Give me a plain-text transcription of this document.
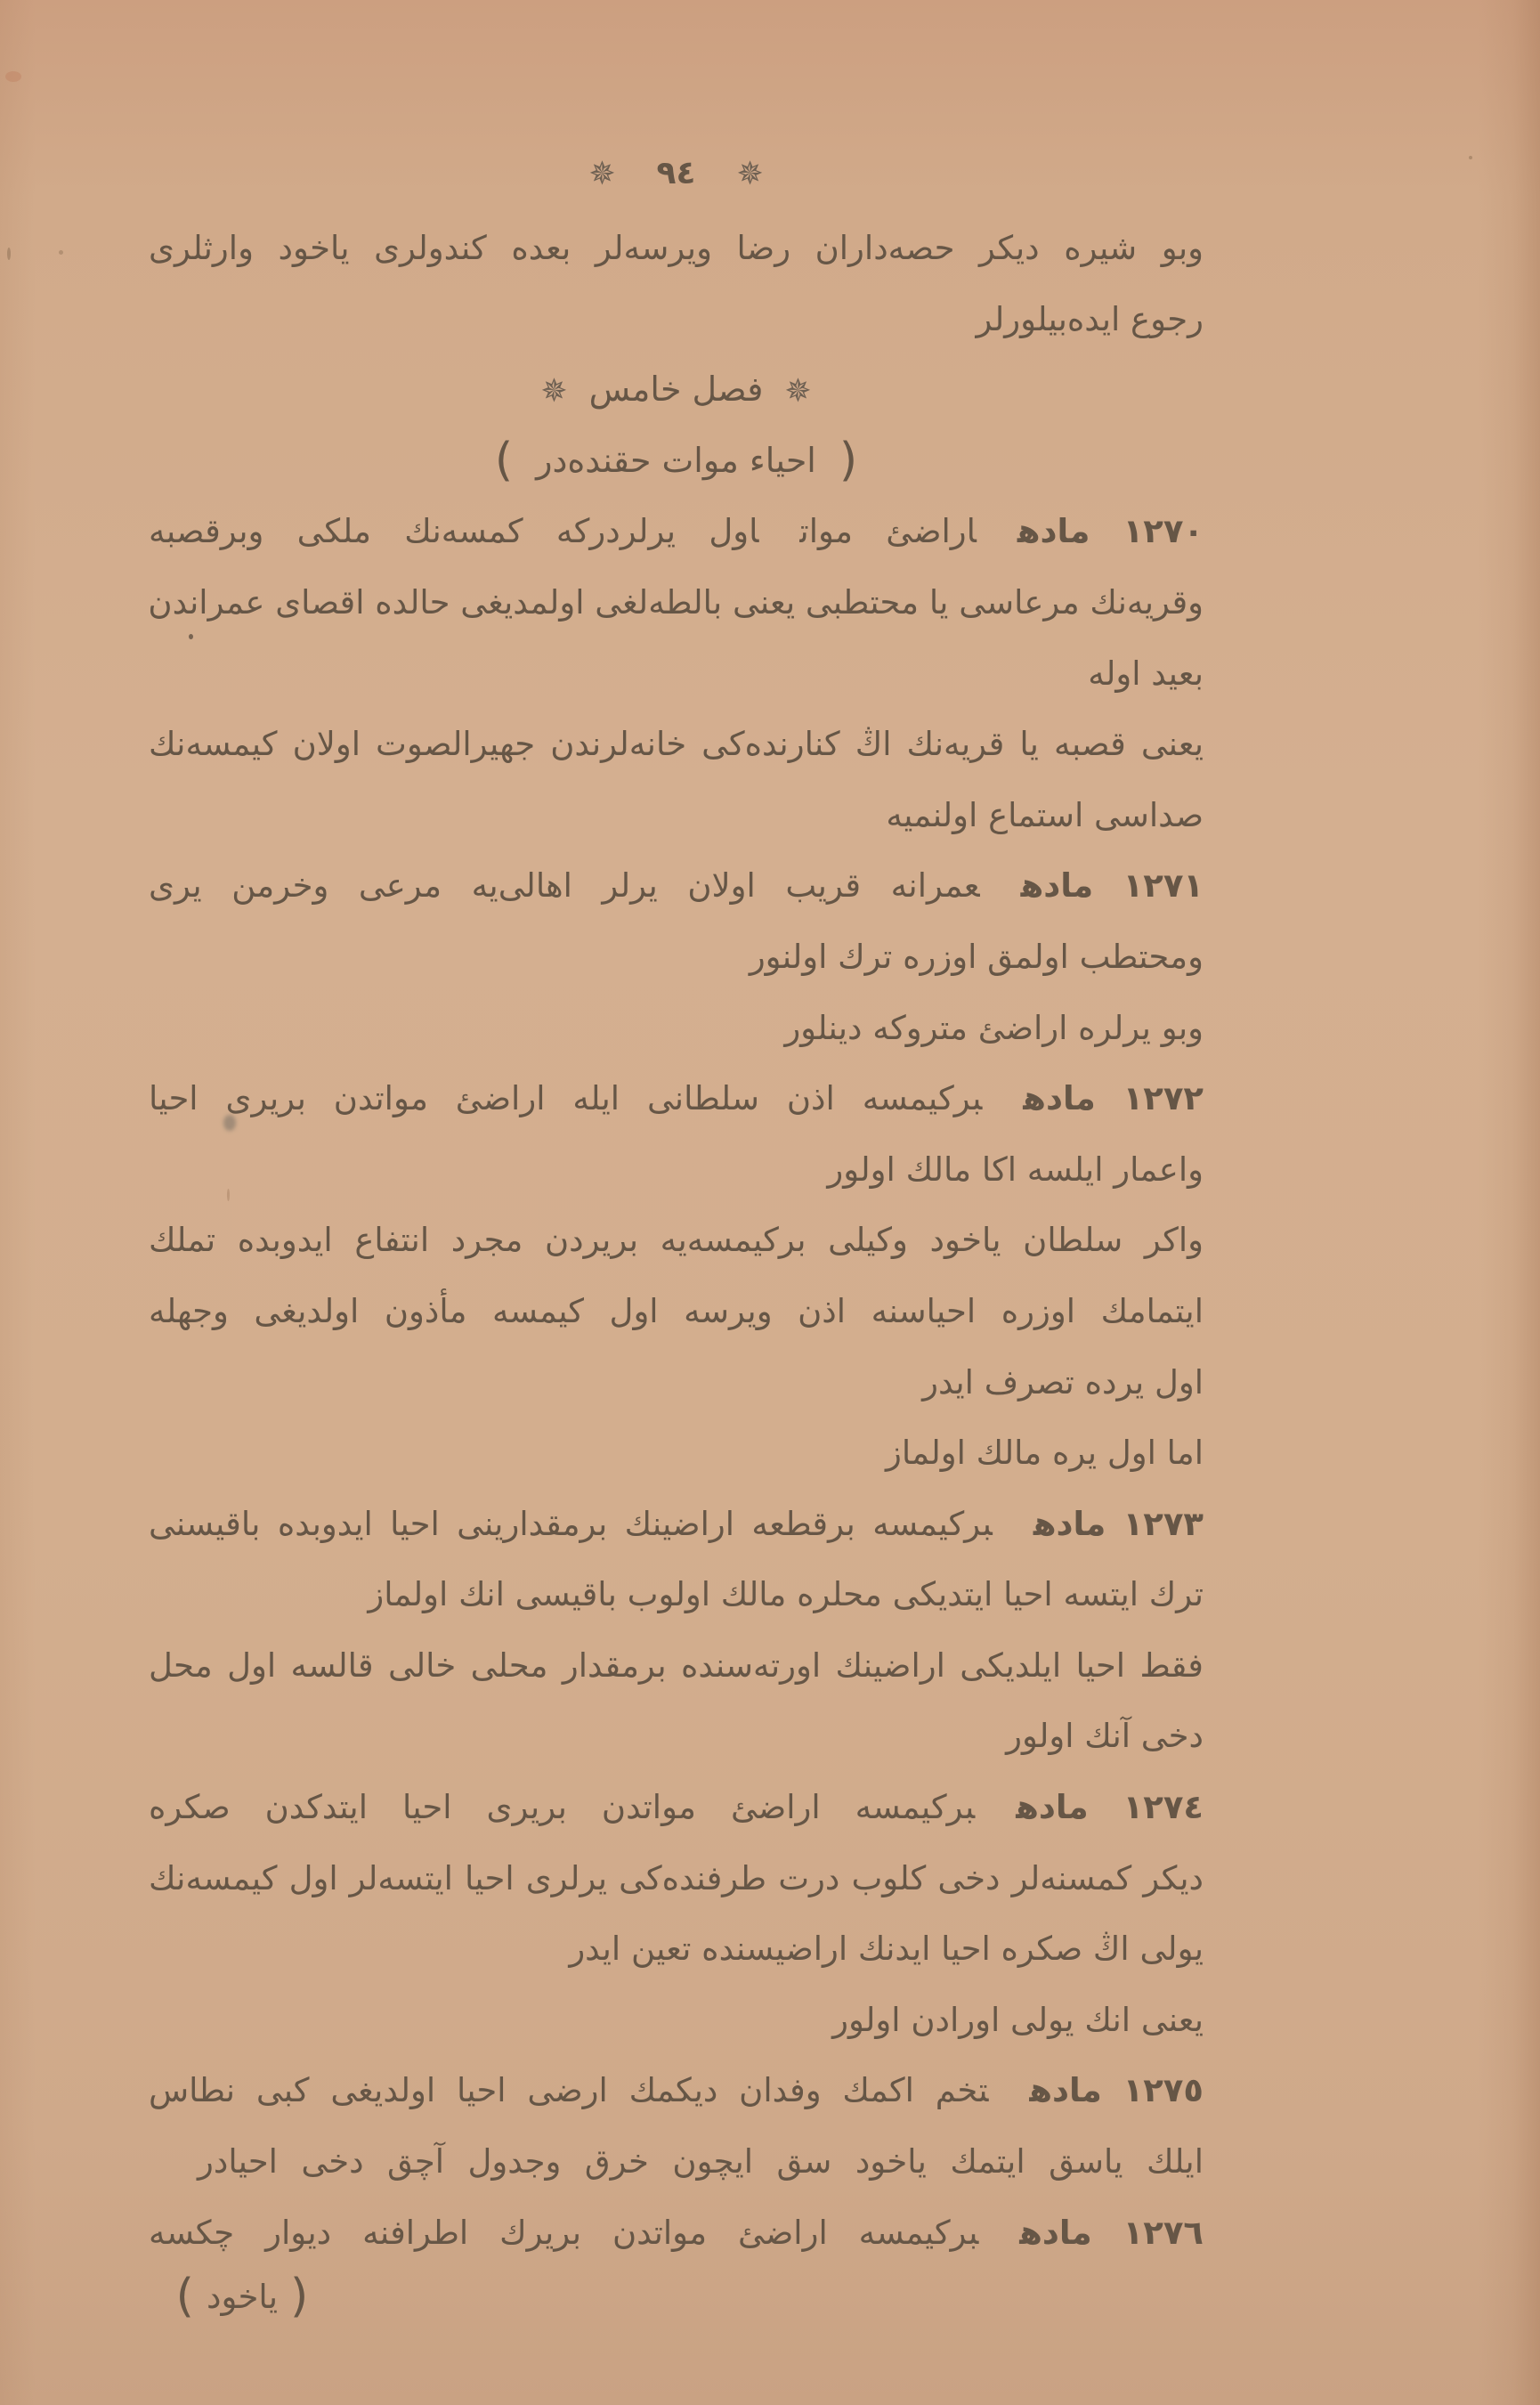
✵٩٤✵
وبو شيره ديكر حصه‌داران رضا ويرسه‌لر بعده كندولرى ياخود وارثلرى
رجوع ايده‌بيلورلر
✵فصل خامس✵
(احياء موات حقنده‌در)
١٢٧٠ مادهاراضئ مواتاول يرلردركه كمسه‌نك ملكى وبرقصبه
وقريه‌نك مرعاسى يا محتطبى يعنى بالطه‌لغى اولمديغى حالده اقصاى عمراندن
بعيد اوله
يعنى قصبه يا قريه‌نك اڭ كنارنده‌كى خانه‌لرندن جهيرالصوت اولان كيمسه‌نك
صداسى استماع اولنميه
١٢٧١ مادهعمرانه قريب اولان يرلر اهالى‌يه مرعى وخرمن يرى
ومحتطب اولمق اوزره ترك اولنور
وبو يرلره اراضئ متروكه دينلور
١٢٧٢ مادهبركيمسه اذن سلطانى ايله اراضئ مواتدن بريرى احيا
واعمار ايلسه اكا مالك اولور
واكر سلطان ياخود وكيلى بركيمسه‌يه بريردن مجرد انتفاع ايدوبده تملك
ايتمامك اوزره احياسنه اذن ويرسه اول كيمسه مأذون اولديغى وجهله
اول يرده تصرف ايدر
اما اول يره مالك اولماز
١٢٧٣ مادهبركيمسه برقطعه اراضينك برمقدارينى احيا ايدوبده باقيسنى
ترك ايتسه احيا ايتديكى محلره مالك اولوب باقيسى انك اولماز
فقط احيا ايلديكى اراضينك اورته‌سنده برمقدار محلى خالى قالسه اول محل
دخى آنك اولور
١٢٧٤ مادهبركيمسه اراضئ مواتدن بريرى احيا ايتدكدن صكره
ديكر كمسنه‌لر دخى كلوب درت طرفنده‌كى يرلرى احيا ايتسه‌لر اول كيمسه‌نك
يولى اڭ صكره احيا ايدنك اراضيسنده تعين ايدر
يعنى انك يولى اورادن اولور
١٢٧٥ مادهتخم اكمك وفدان ديكمك ارضى احيا اولديغى كبى نطاس
ايلك ياسق ايتمك ياخود سق ايچون خرق وجدول آچق دخى احيادر
١٢٧٦ مادهبركيمسه اراضئ مواتدن بريرك اطرافنه ديوار چكسه
(ياخود)
